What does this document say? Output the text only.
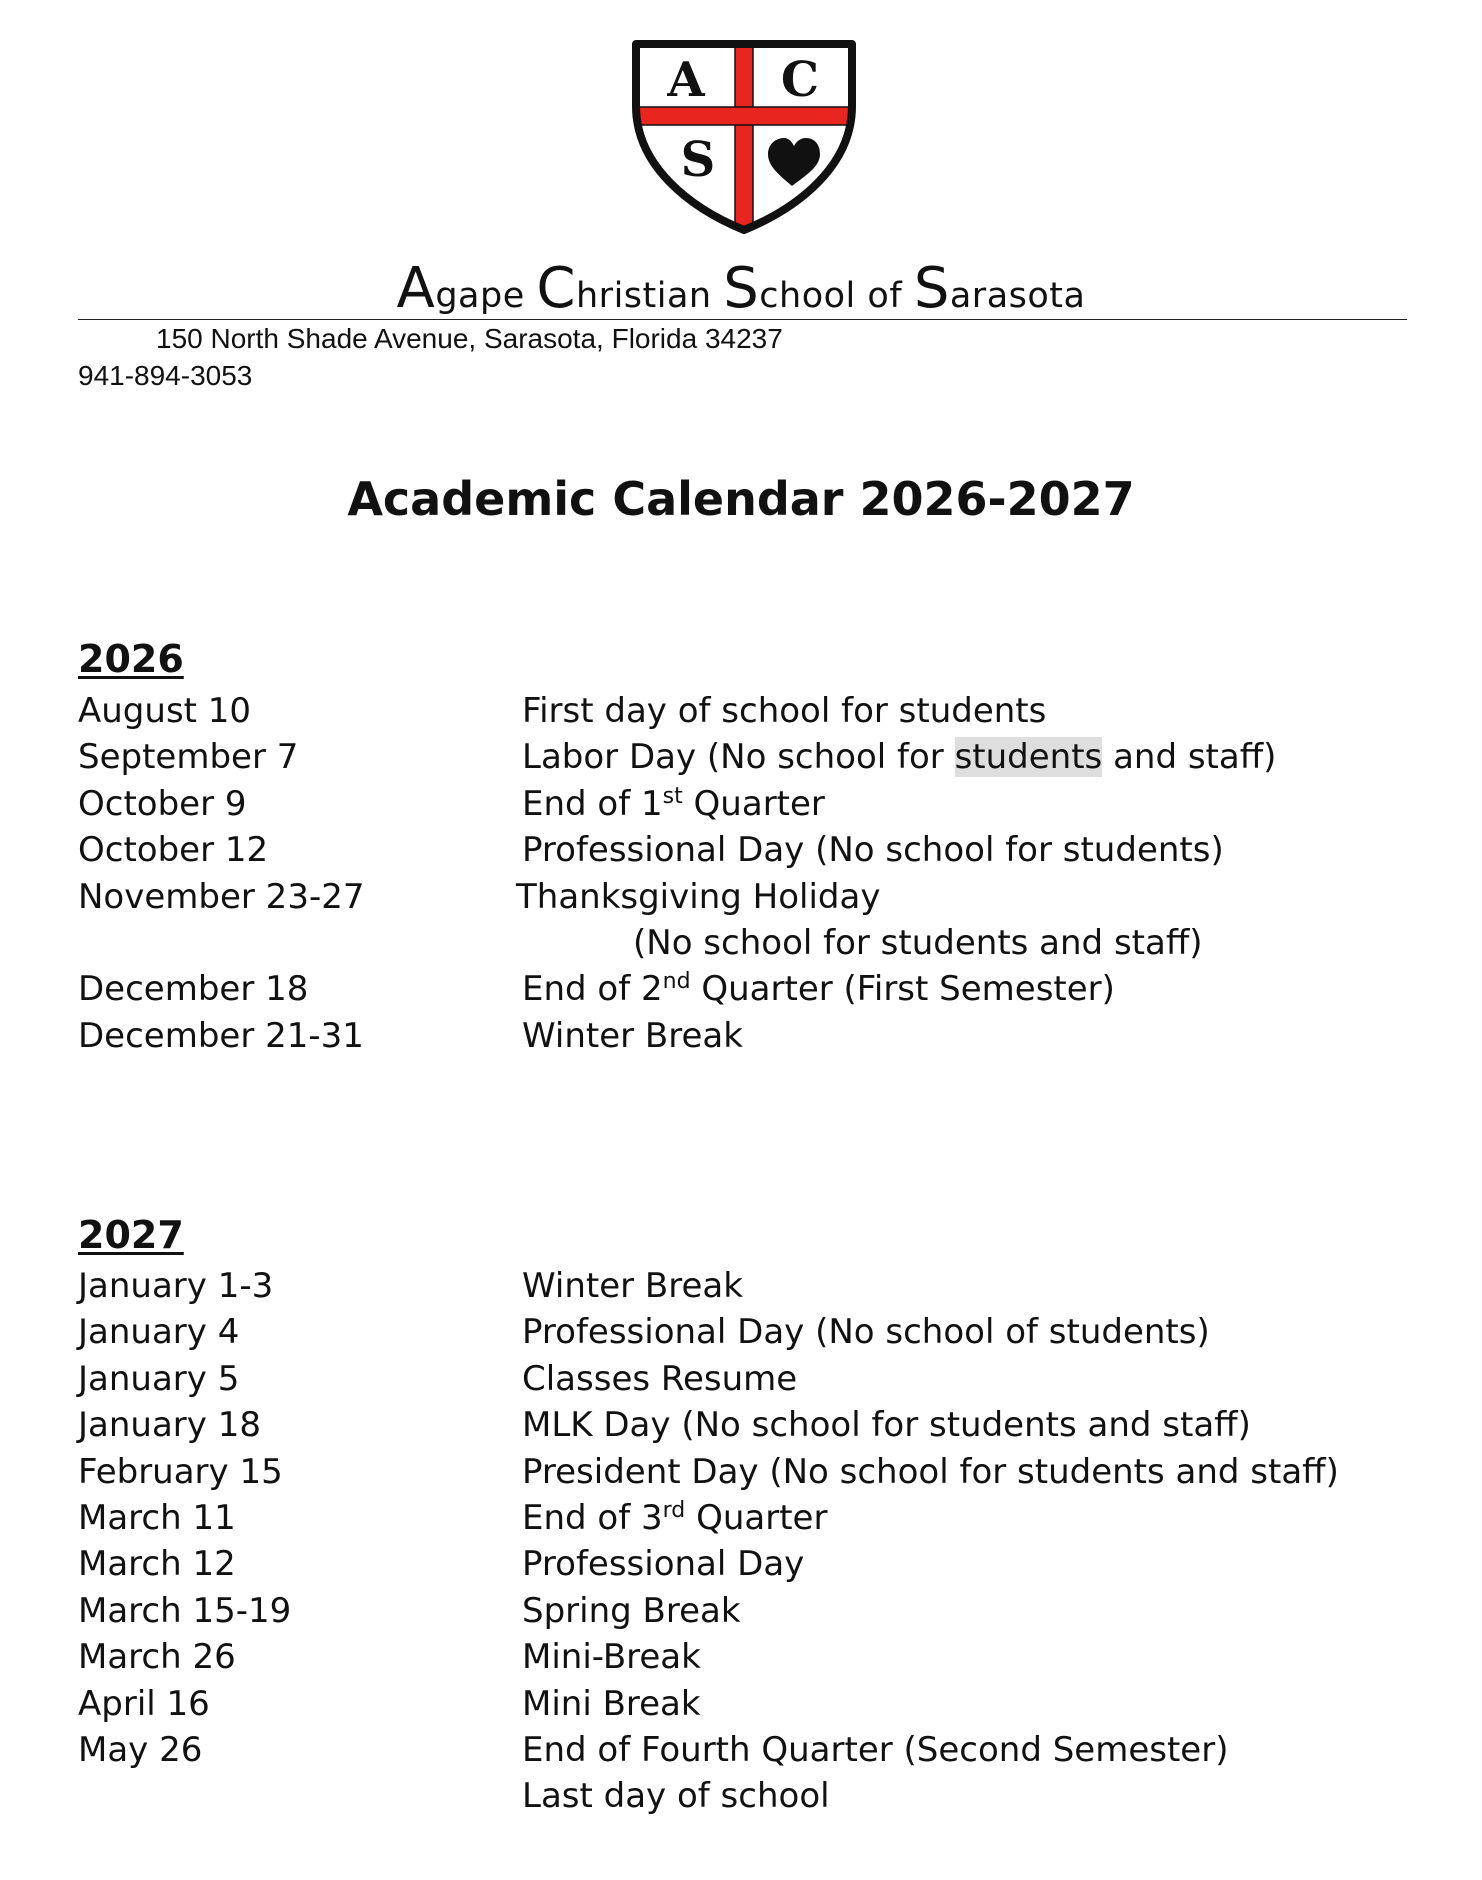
A C
S
Agape Christian School of Sarasota
150 North Shade Avenue, Sarasota, Florida 34237
941-894-3053
Academic Calendar 2026-2027
2026
August 10	First day of school for students
September 7	Labor Day (No school for students and staff)
October 9	End of 1st Quarter
October 12	Professional Day (No school for students)
November 23-27	Thanksgiving Holiday
(No school for students and staff)
December 18	End of 2nd Quarter (First Semester)
December 21-31	Winter Break
2027
January 1-3	Winter Break
January 4	Professional Day (No school of students)
January 5	Classes Resume
January 18	MLK Day (No school for students and staff)
February 15	President Day (No school for students and staff)
March 11	End of 3rd Quarter
March 12	Professional Day
March 15-19	Spring Break
March 26	Mini-Break
April 16	Mini Break
May 26	End of Fourth Quarter (Second Semester)
Last day of school
